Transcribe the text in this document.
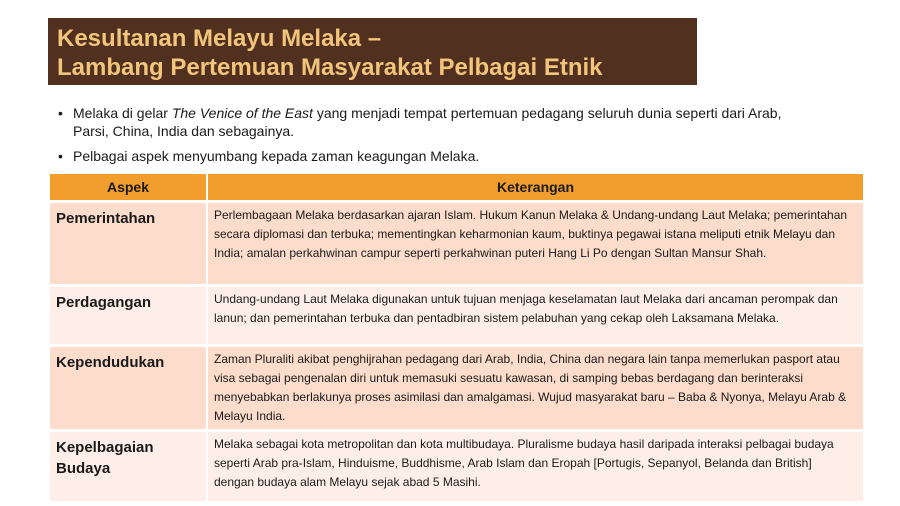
Kesultanan Melayu Melaka –
Lambang Pertemuan Masyarakat Pelbagai Etnik
• Melaka di gelar The Venice of the East yang menjadi tempat pertemuan pedagang seluruh dunia seperti dari Arab, Parsi, China, India dan sebagainya.
• Pelbagai aspek menyumbang kepada zaman keagungan Melaka.
Aspek	Keterangan
Pemerintahan	Perlembagaan Melaka berdasarkan ajaran Islam. Hukum Kanun Melaka & Undang-undang Laut Melaka; pemerintahan secara diplomasi dan terbuka; mementingkan keharmonian kaum, buktinya pegawai istana meliputi etnik Melayu dan India; amalan perkahwinan campur seperti perkahwinan puteri Hang Li Po dengan Sultan Mansur Shah.
Perdagangan	Undang-undang Laut Melaka digunakan untuk tujuan menjaga keselamatan laut Melaka dari ancaman perompak dan lanun; dan pemerintahan terbuka dan pentadbiran sistem pelabuhan yang cekap oleh Laksamana Melaka.
Kependudukan	Zaman Pluraliti akibat penghijrahan pedagang dari Arab, India, China dan negara lain tanpa memerlukan pasport atau visa sebagai pengenalan diri untuk memasuki sesuatu kawasan, di samping bebas berdagang dan berinteraksi menyebabkan berlakunya proses asimilasi dan amalgamasi. Wujud masyarakat baru – Baba & Nyonya, Melayu Arab & Melayu India.
Kepelbagaian Budaya	Melaka sebagai kota metropolitan dan kota multibudaya. Pluralisme budaya hasil daripada interaksi pelbagai budaya seperti Arab pra-Islam, Hinduisme, Buddhisme, Arab Islam dan Eropah [Portugis, Sepanyol, Belanda dan British] dengan budaya alam Melayu sejak abad 5 Masihi.
